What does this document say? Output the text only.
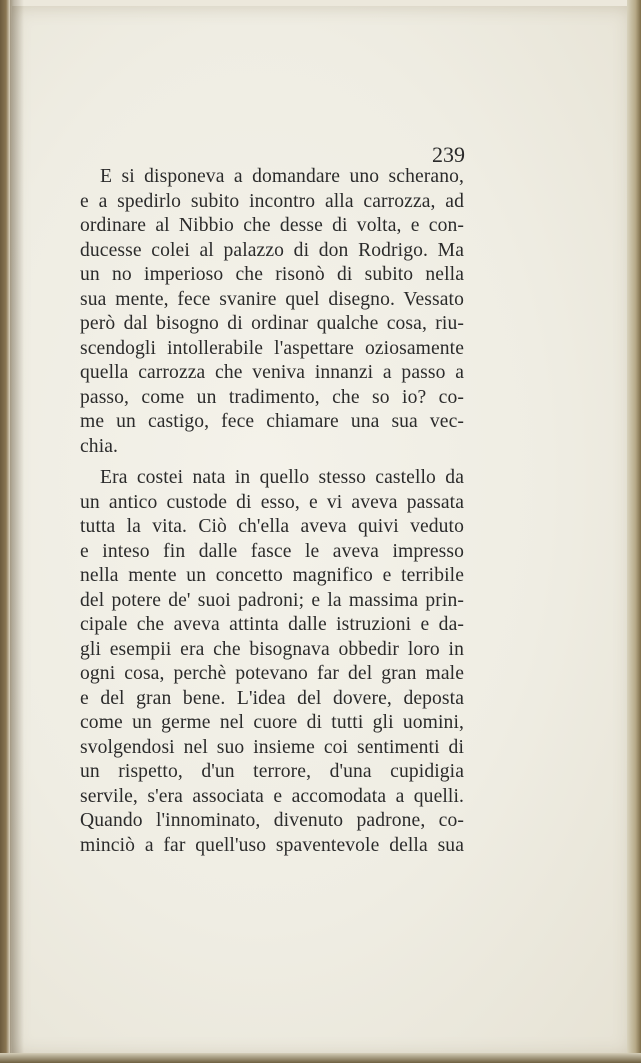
239
E si disponeva a domandare uno scherano,
e a spedirlo subito incontro alla carrozza, ad
ordinare al Nibbio che desse di volta, e con-
ducesse colei al palazzo di don Rodrigo. Ma
un no imperioso che risonò di subito nella
sua mente, fece svanire quel disegno. Vessato
però dal bisogno di ordinar qualche cosa, riu-
scendogli intollerabile l'aspettare oziosamente
quella carrozza che veniva innanzi a passo a
passo, come un tradimento, che so io? co-
me un castigo, fece chiamare una sua vec-
chia.
Era costei nata in quello stesso castello da
un antico custode di esso, e vi aveva passata
tutta la vita. Ciò ch'ella aveva quivi veduto
e inteso fin dalle fasce le aveva impresso
nella mente un concetto magnifico e terribile
del potere de' suoi padroni; e la massima prin-
cipale che aveva attinta dalle istruzioni e da-
gli esempii era che bisognava obbedir loro in
ogni cosa, perchè potevano far del gran male
e del gran bene. L'idea del dovere, deposta
come un germe nel cuore di tutti gli uomini,
svolgendosi nel suo insieme coi sentimenti di
un rispetto, d'un terrore, d'una cupidigia
servile, s'era associata e accomodata a quelli.
Quando l'innominato, divenuto padrone, co-
minciò a far quell'uso spaventevole della sua
